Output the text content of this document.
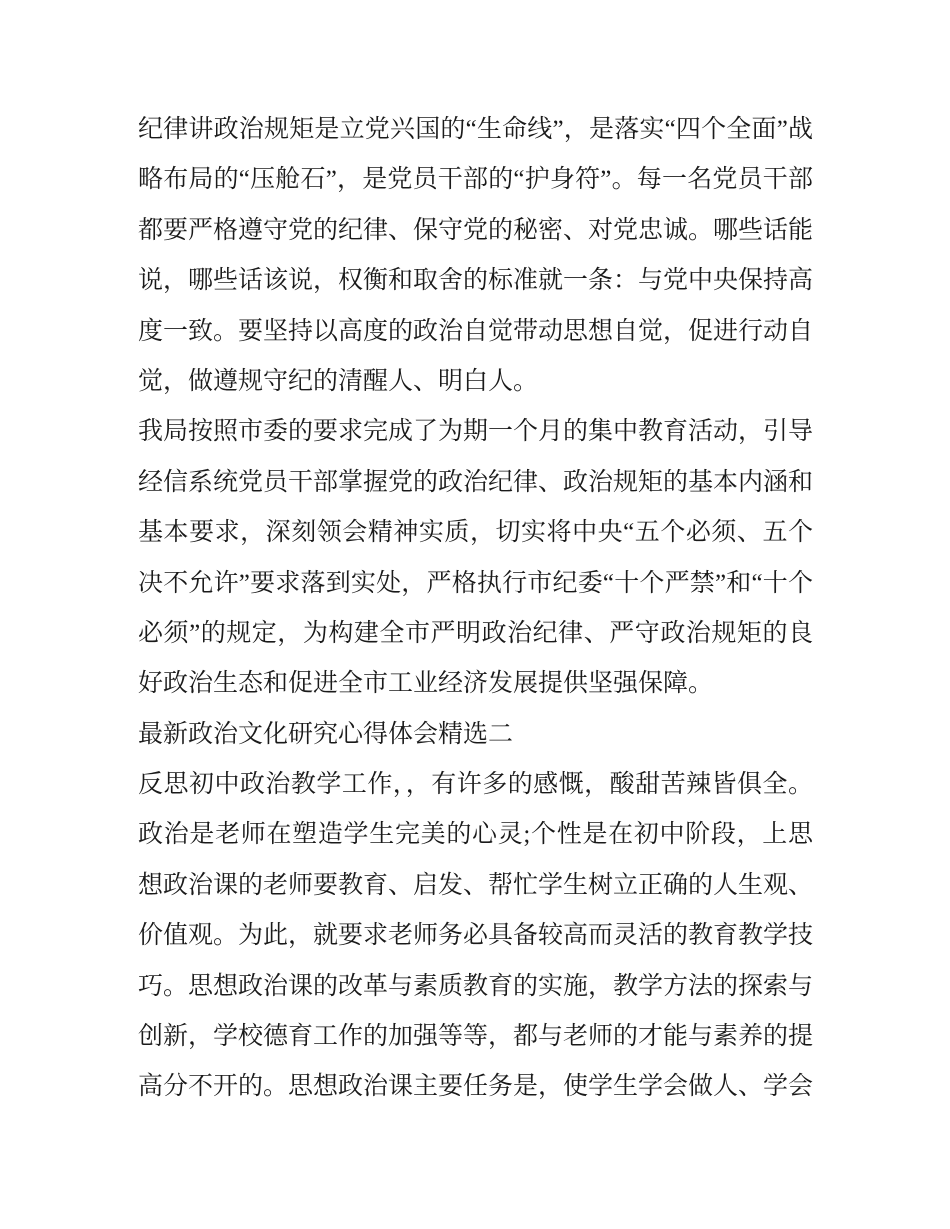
纪律讲政治规矩是立党兴国的“生命线”，是落实“四个全面”战
略布局的“压舱石”，是党员干部的“护身符”。每一名党员干部
都要严格遵守党的纪律、保守党的秘密、对党忠诚。哪些话能
说，哪些话该说，权衡和取舍的标准就一条：与党中央保持高
度一致。要坚持以高度的政治自觉带动思想自觉，促进行动自
觉，做遵规守纪的清醒人、明白人。
我局按照市委的要求完成了为期一个月的集中教育活动，引导
经信系统党员干部掌握党的政治纪律、政治规矩的基本内涵和
基本要求，深刻领会精神实质，切实将中央“五个必须、五个
决不允许”要求落到实处，严格执行市纪委“十个严禁”和“十个
必须”的规定，为构建全市严明政治纪律、严守政治规矩的良
好政治生态和促进全市工业经济发展提供坚强保障。
最新政治文化研究心得体会精选二
反思初中政治教学工作，，有许多的感慨，酸甜苦辣皆俱全。
政治是老师在塑造学生完美的心灵;个性是在初中阶段，上思
想政治课的老师要教育、启发、帮忙学生树立正确的人生观、
价值观。为此，就要求老师务必具备较高而灵活的教育教学技
巧。思想政治课的改革与素质教育的实施，教学方法的探索与
创新，学校德育工作的加强等等，都与老师的才能与素养的提
高分不开的。思想政治课主要任务是，使学生学会做人、学会
